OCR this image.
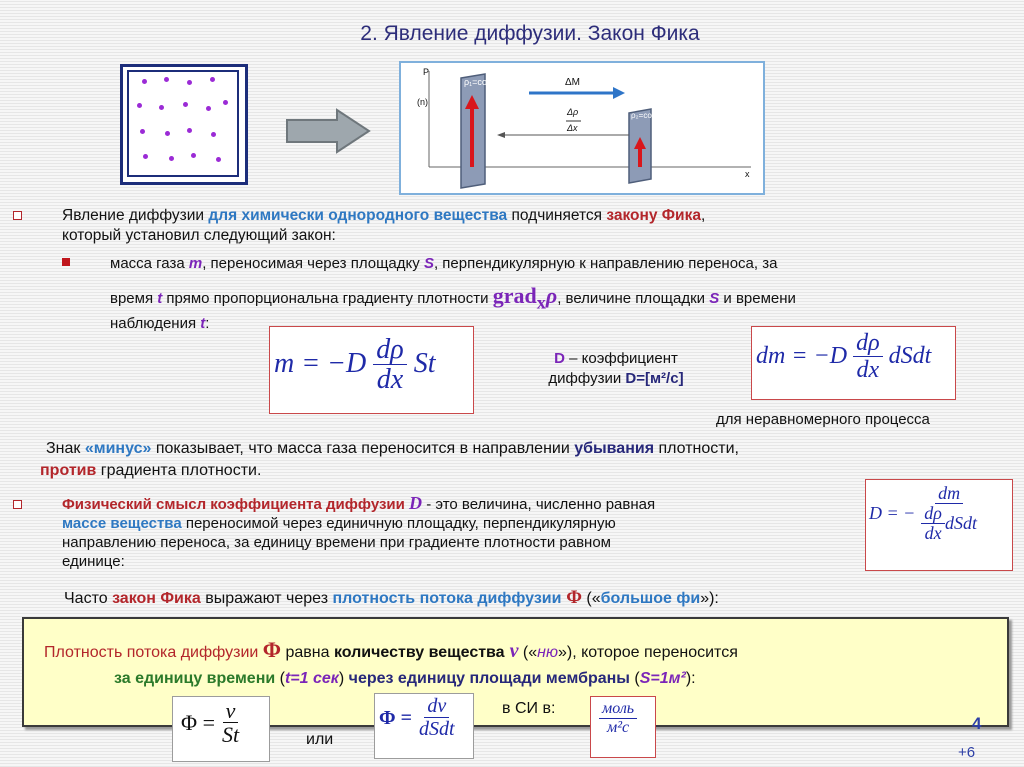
2. Явление диффузии. Закон Фика
P
(n)
x
ρ₁=const
ρ₂=const
ΔM
Δρ
Δx
Явление диффузии для химически однородного вещества подчиняется закону Фика,
который установил следующий закон:
масса газа m, переносимая через площадку S, перпендикулярную к направлению переноса, за
время t прямо пропорциональна градиенту плотности grad$_x$ρ, величине площадки S и времени
наблюдения t:
$m = -D \frac{d\rho}{dx}$ St	D – коэффициент
диффузии D=[м²/с]
dm = $-D \frac{d\rho}{dx}$ dSdt
для неравномерного процесса
Знак «минус» показывает, что масса газа переносится в направлении убывания плотности,
против градиента плотности.
Физический смысл коэффициента диффузии D - это величина, численно равная
массе вещества переносимой через единичную площадку, перпендикулярную
направлению переноса, за единицу времени при градиенте плотности равном
единице:
D = − $\frac{dm}{\frac{d\rho}{dx} dSdt}$
Часто закон Фика выражают через плотность потока диффузии Φ («большое фи»):
Плотность потока диффузии Φ равна количеству вещества ν («ню»), которое переносится
за единицу времени (t=1 сек) через единицу площади мембраны (S=1м²):
в СИ в:
$\Phi = \frac{\nu}{St}$	или
$\Phi = \frac{d\nu}{\text{dSdt}}$	$\frac{\text{моль}}{\text{м²с}}$	4
+6
